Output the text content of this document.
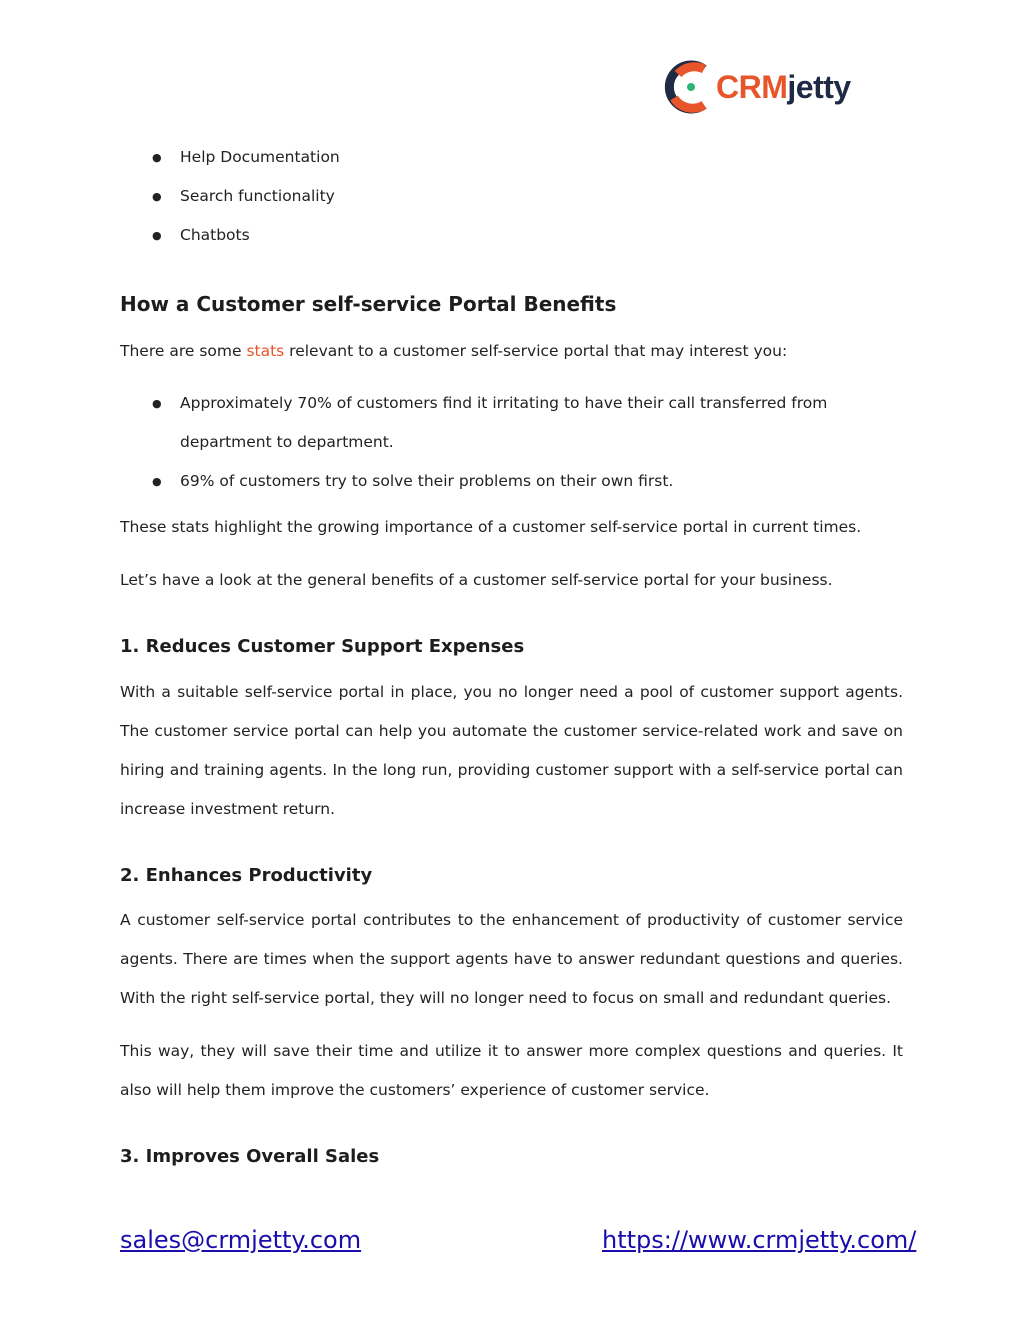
CRMjetty
● Help Documentation
● Search functionality
● Chatbots
How a Customer self-service Portal Benefits

There are some stats relevant to a customer self-service portal that may interest you:

● Approximately 70% of customers find it irritating to have their call transferred from department to department.
● 69% of customers try to solve their problems on their own first.

These stats highlight the growing importance of a customer self-service portal in current times.

Let’s have a look at the general benefits of a customer self-service portal for your business.

1. Reduces Customer Support Expenses

With a suitable self-service portal in place, you no longer need a pool of customer support agents. The customer service portal can help you automate the customer service-related work and save on hiring and training agents. In the long run, providing customer support with a self-service portal can increase investment return.

2. Enhances Productivity

A customer self-service portal contributes to the enhancement of productivity of customer service agents. There are times when the support agents have to answer redundant questions and queries. With the right self-service portal, they will no longer need to focus on small and redundant queries.

This way, they will save their time and utilize it to answer more complex questions and queries. It also will help them improve the customers’ experience of customer service.

3. Improves Overall Sales
sales@crmjetty.com	https://www.crmjetty.com/
